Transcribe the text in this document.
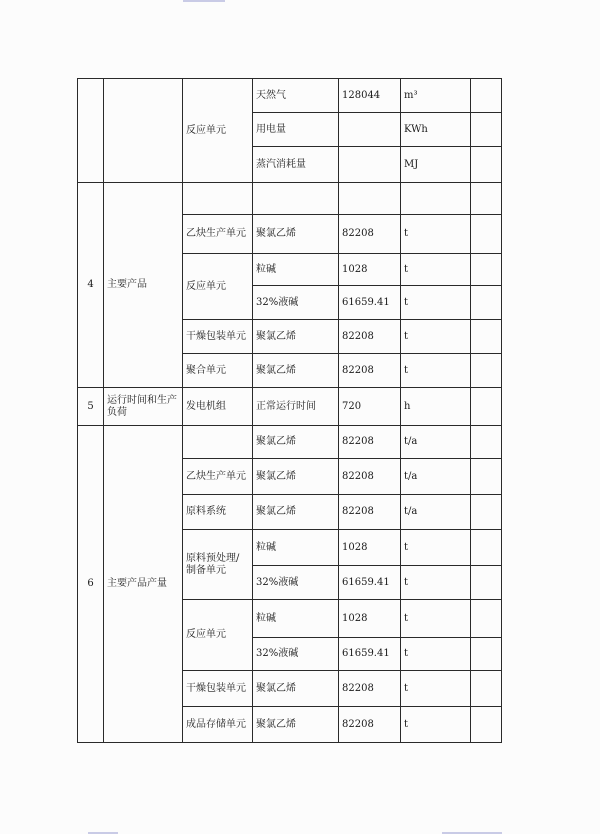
		反应单元	天然气	128044	m³	
			用电量		KWh	
			蒸汽消耗量		MJ	
4	主要产品					
		乙炔生产单元	聚氯乙烯	82208	t	
		反应单元	粒碱	1028	t	
			32%液碱	61659.41	t	
		干燥包装单元	聚氯乙烯	82208	t	
		聚合单元	聚氯乙烯	82208	t	
5	运行时间和生产负荷	发电机组	正常运行时间	720	h	
6	主要产品产量		聚氯乙烯	82208	t/a	
		乙炔生产单元	聚氯乙烯	82208	t/a	
		原料系统	聚氯乙烯	82208	t/a	
		原料预处理/制备单元	粒碱	1028	t	
			32%液碱	61659.41	t	
		反应单元	粒碱	1028	t	
			32%液碱	61659.41	t	
		干燥包装单元	聚氯乙烯	82208	t	
		成品存储单元	聚氯乙烯	82208	t	
